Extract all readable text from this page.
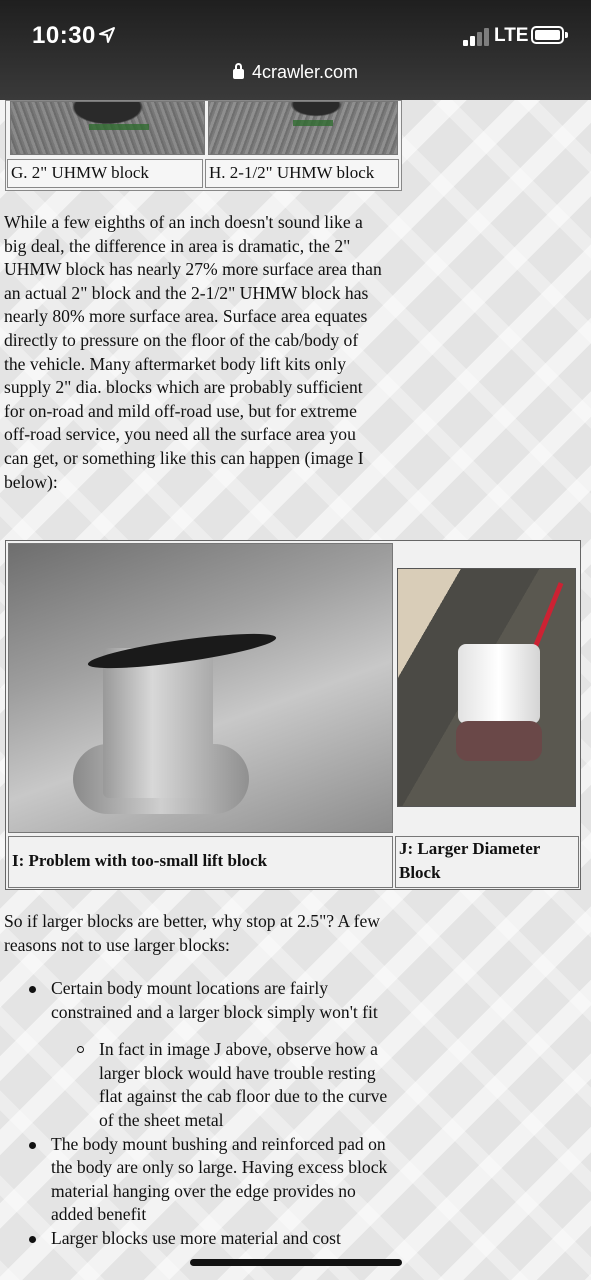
10:30	LTE
4crawler.com
G. 2" UHMW block	H. 2-1/2" UHMW block

While a few eighths of an inch doesn't sound like a big deal, the difference in area is dramatic, the 2" UHMW block has nearly 27% more surface area than an actual 2" block and the 2-1/2" UHMW block has nearly 80% more surface area. Surface area equates directly to pressure on the floor of the cab/body of the vehicle. Many aftermarket body lift kits only supply 2" dia. blocks which are probably sufficient for on-road and mild off-road use, but for extreme off-road service, you need all the surface area you can get, or something like this can happen (image I below):

I: Problem with too-small lift block
J: Larger Diameter Block

So if larger blocks are better, why stop at 2.5"? A few reasons not to use larger blocks:

Certain body mount locations are fairly constrained and a larger block simply won't fit
In fact in image J above, observe how a larger block would have trouble resting flat against the cab floor due to the curve of the sheet metal
The body mount bushing and reinforced pad on the body are only so large. Having excess block material hanging over the edge provides no added benefit
Larger blocks use more material and cost
